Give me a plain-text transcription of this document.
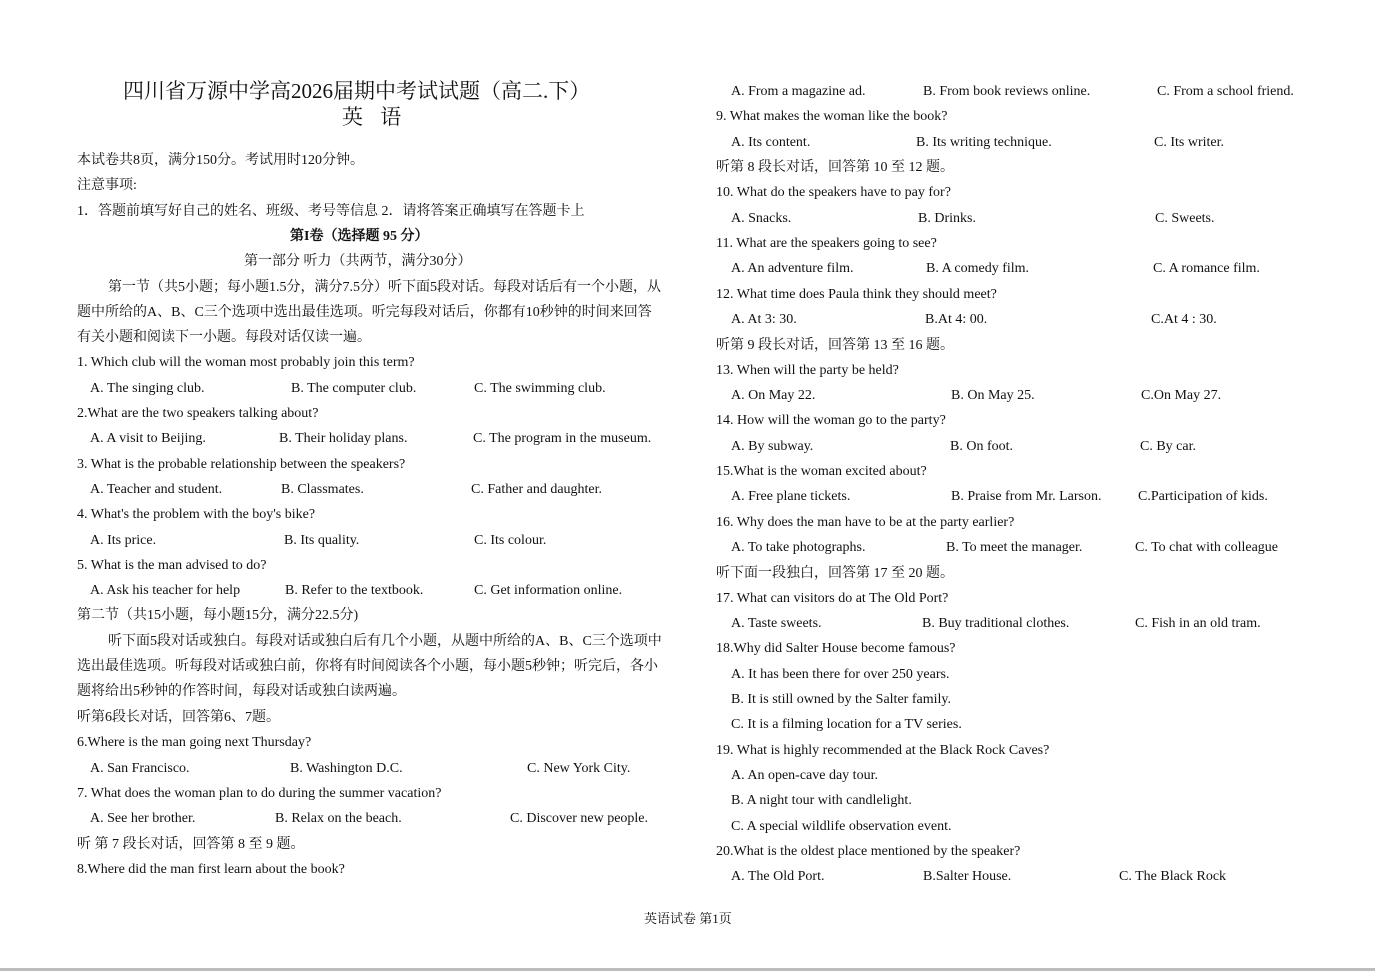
四川省万源中学高2026届期中考试试题（高二.下）
英 语
本试卷共8页，满分150分。考试用时120分钟。
注意事项:
1．答题前填写好自己的姓名、班级、考号等信息 2．请将答案正确填写在答题卡上
第I卷（选择题 95 分）
第一部分 听力（共两节，满分30分）
第一节（共5小题；每小题1.5分，满分7.5分）听下面5段对话。每段对话后有一个小题，从题中所给的A、B、C三个选项中选出最佳选项。听完每段对话后，你都有10秒钟的时间来回答有关小题和阅读下一小题。每段对话仅读一遍。
1. Which club will the woman most probably join this term?
A. The singing club.	B. The computer club.	C. The swimming club.
2.What are the two speakers talking about?
A. A visit to Beijing.	B. Their holiday plans.	C. The program in the museum.
3. What is the probable relationship between the speakers?
A. Teacher and student.	B. Classmates.	C. Father and daughter.
4. What's the problem with the boy's bike?
A. Its price.	B. Its quality.	C. Its colour.
5. What is the man advised to do?
A. Ask his teacher for help	B. Refer to the textbook.	C. Get information online.
第二节（共15小题，每小题15分，满分22.5分)
听下面5段对话或独白。每段对话或独白后有几个小题，从题中所给的A、B、C三个选项中选出最佳选项。听每段对话或独白前，你将有时间阅读各个小题，每小题5秒钟；听完后，各小题将给出5秒钟的作答时间，每段对话或独白读两遍。
听第6段长对话，回答第6、7题。
6.Where is the man going next Thursday?
A. San Francisco.	B. Washington D.C.	C. New York City.
7. What does the woman plan to do during the summer vacation?
A. See her brother.	B. Relax on the beach.	C. Discover new people.
听 第 7 段长对话，回答第 8 至 9 题。
8.Where did the man first learn about the book?
A. From a magazine ad.	B. From book reviews online.	C. From a school friend.
9. What makes the woman like the book?
A. Its content.	B. Its writing technique.	C. Its writer.
听第 8 段长对话，回答第 10 至 12 题。
10. What do the speakers have to pay for?
A. Snacks.	B. Drinks.	C. Sweets.
11. What are the speakers going to see?
A. An adventure film.	B. A comedy film.	C. A romance film.
12. What time does Paula think they should meet?
A. At 3: 30.	B.At 4: 00.	C.At 4 : 30.
听第 9 段长对话，回答第 13 至 16 题。
13. When will the party be held?
A. On May 22.	B. On May 25.	C.On May 27.
14. How will the woman go to the party?
A. By subway.	B. On foot.	C. By car.
15.What is the woman excited about?
A. Free plane tickets.	B. Praise from Mr. Larson.	C.Participation of kids.
16. Why does the man have to be at the party earlier?
A. To take photographs.	B. To meet the manager.	C. To chat with colleague
听下面一段独白，回答第 17 至 20 题。
17. What can visitors do at The Old Port?
A. Taste sweets.	B. Buy traditional clothes.	C. Fish in an old tram.
18.Why did Salter House become famous?
A. It has been there for over 250 years.
B. It is still owned by the Salter family.
C. It is a filming location for a TV series.
19. What is highly recommended at the Black Rock Caves?
A. An open-cave day tour.
B. A night tour with candlelight.
C. A special wildlife observation event.
20.What is the oldest place mentioned by the speaker?
A. The Old Port.	B.Salter House.	C. The Black Rock
英语试卷 第1页
